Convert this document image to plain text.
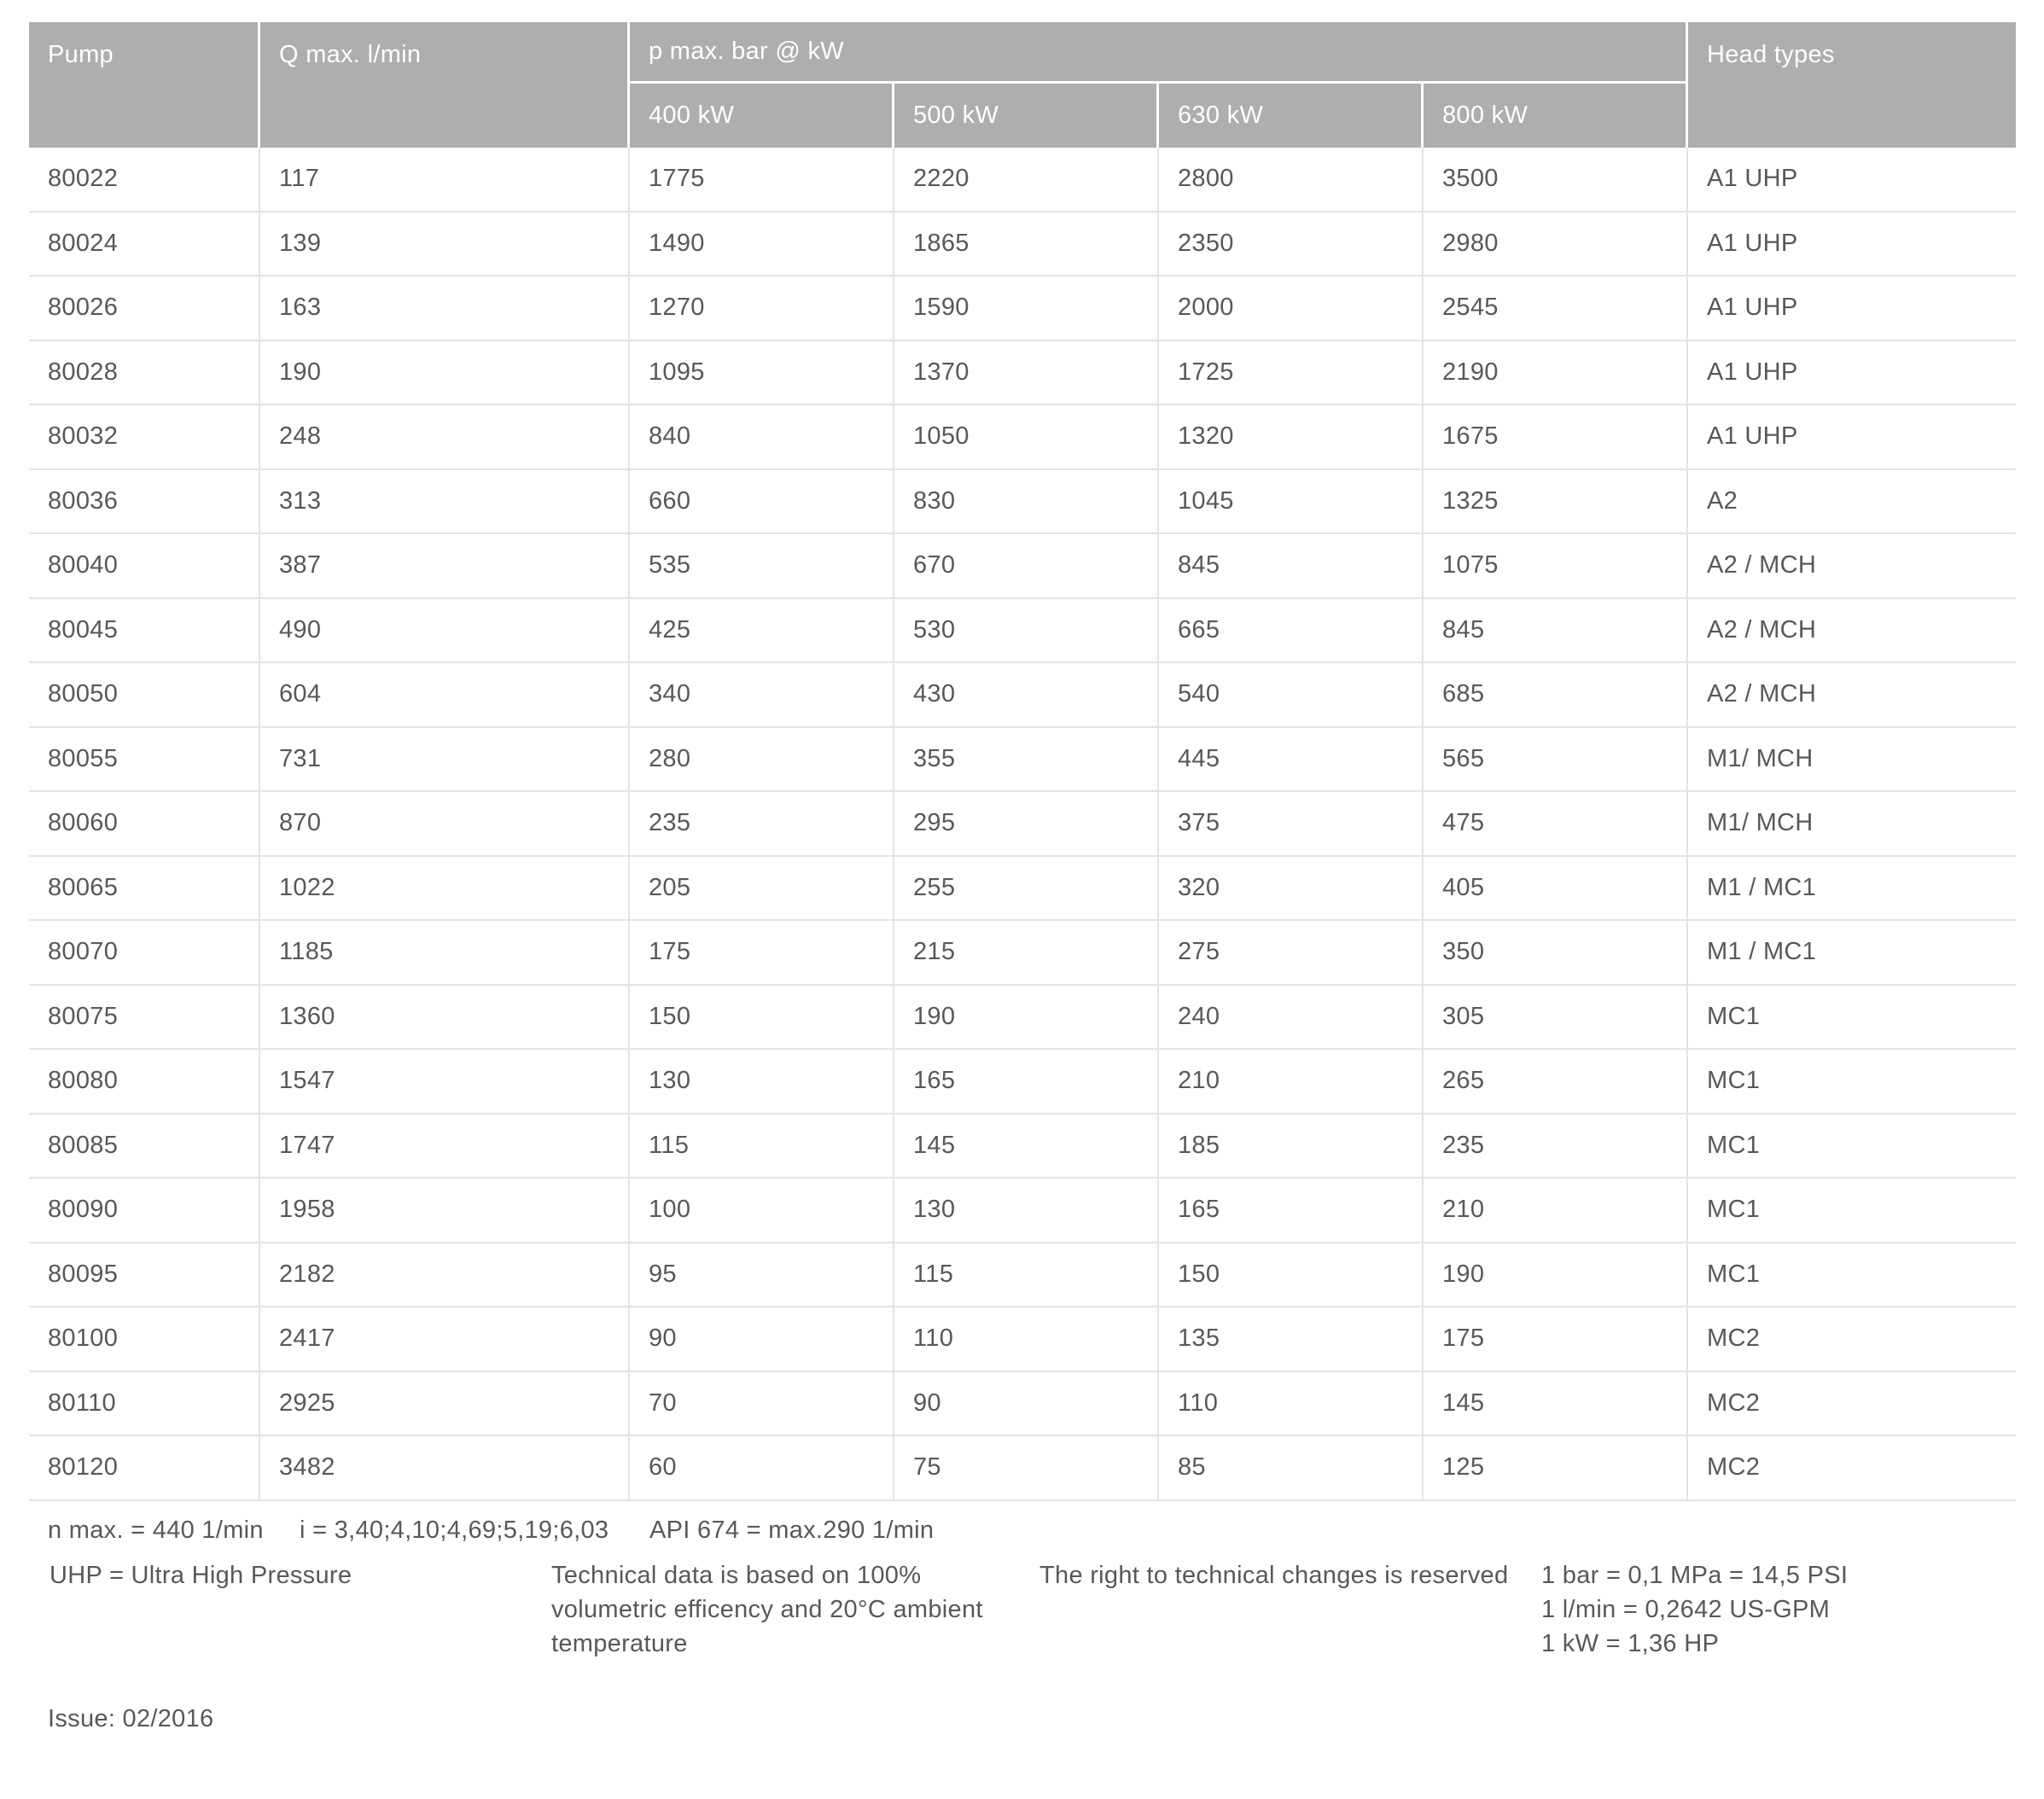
Pump	Q max. l/min	p max. bar @ kW				Head types
		400 kW	500 kW	630 kW	800 kW	
80022	117	1775	2220	2800	3500	A1 UHP
80024	139	1490	1865	2350	2980	A1 UHP
80026	163	1270	1590	2000	2545	A1 UHP
80028	190	1095	1370	1725	2190	A1 UHP
80032	248	840	1050	1320	1675	A1 UHP
80036	313	660	830	1045	1325	A2
80040	387	535	670	845	1075	A2 / MCH
80045	490	425	530	665	845	A2 / MCH
80050	604	340	430	540	685	A2 / MCH
80055	731	280	355	445	565	M1/ MCH
80060	870	235	295	375	475	M1/ MCH
80065	1022	205	255	320	405	M1 / MC1
80070	1185	175	215	275	350	M1 / MC1
80075	1360	150	190	240	305	MC1
80080	1547	130	165	210	265	MC1
80085	1747	115	145	185	235	MC1
80090	1958	100	130	165	210	MC1
80095	2182	95	115	150	190	MC1
80100	2417	90	110	135	175	MC2
80110	2925	70	90	110	145	MC2
80120	3482	60	75	85	125	MC2
n max. = 440 1/min i = 3,40;4,10;4,69;5,19;6,03 API 674 = max.290 1/min
UHP = Ultra High Pressure	Technical data is based on 100%
volumetric efficency and 20°C ambient
temperature
The right to technical changes is reserved	1 bar = 0,1 MPa = 14,5 PSI
1 l/min = 0,2642 US-GPM
1 kW = 1,36 HP
Issue: 02/2016
